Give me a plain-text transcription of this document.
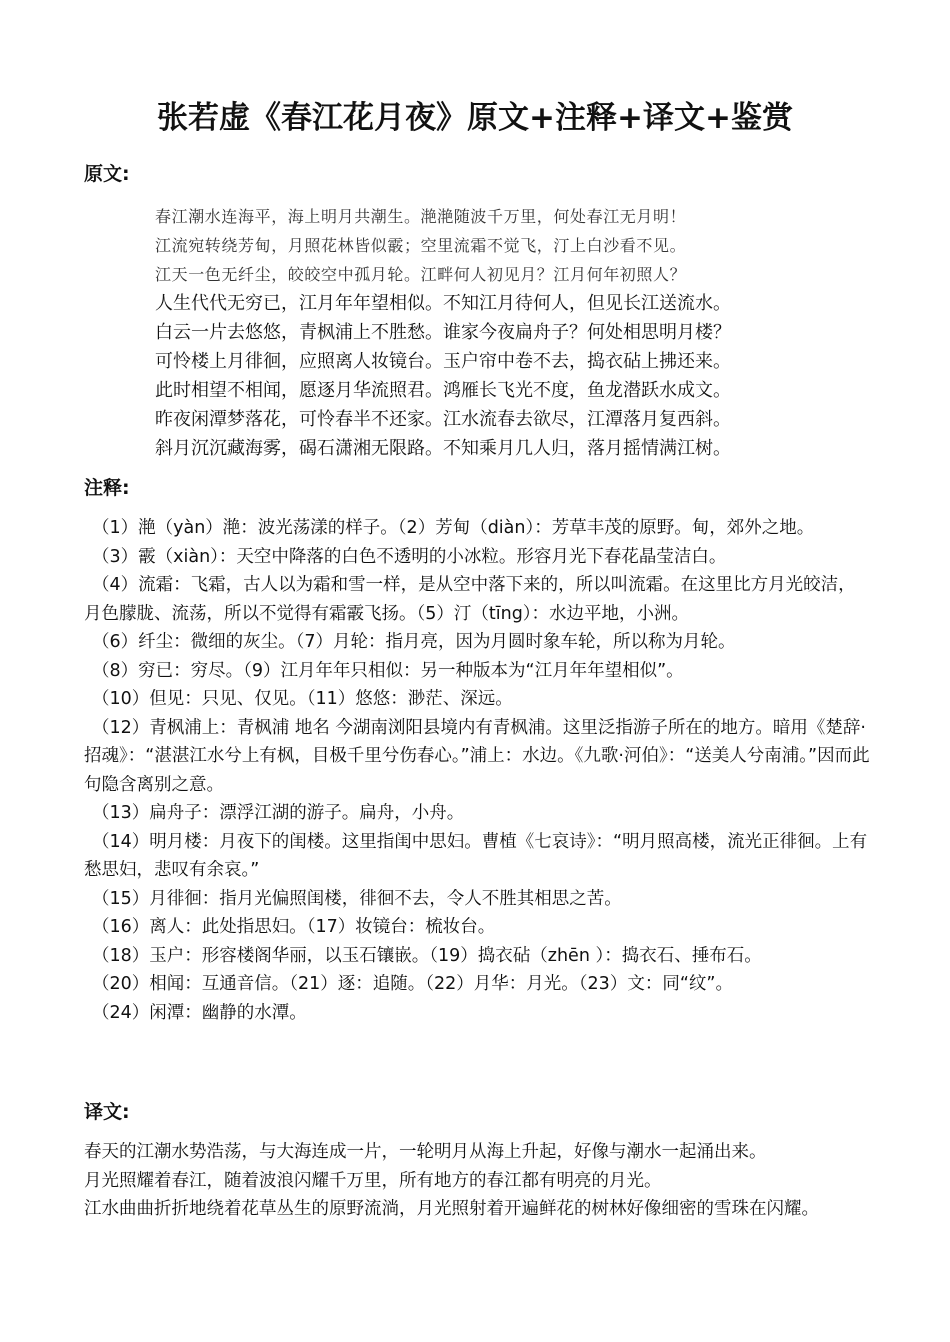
张若虚《春江花月夜》原文+注释+译文+鉴赏
原文:
春江潮水连海平，海上明月共潮生。滟滟随波千万里，何处春江无月明！
江流宛转绕芳甸，月照花林皆似霰；空里流霜不觉飞，汀上白沙看不见。
江天一色无纤尘，皎皎空中孤月轮。江畔何人初见月？江月何年初照人？
人生代代无穷已，江月年年望相似。不知江月待何人，但见长江送流水。
白云一片去悠悠，青枫浦上不胜愁。谁家今夜扁舟子？何处相思明月楼？
可怜楼上月徘徊，应照离人妆镜台。玉户帘中卷不去，捣衣砧上拂还来。
此时相望不相闻，愿逐月华流照君。鸿雁长飞光不度，鱼龙潜跃水成文。
昨夜闲潭梦落花，可怜春半不还家。江水流春去欲尽，江潭落月复西斜。
斜月沉沉藏海雾，碣石潇湘无限路。不知乘月几人归，落月摇情满江树。
注释:

（1）滟（yàn）滟：波光荡漾的样子。（2）芳甸（diàn）：芳草丰茂的原野。甸，郊外之地。

（3）霰（xiàn）：天空中降落的白色不透明的小冰粒。形容月光下春花晶莹洁白。

（4）流霜：飞霜，古人以为霜和雪一样，是从空中落下来的，所以叫流霜。在这里比方月光皎洁，月色朦胧、流荡，所以不觉得有霜霰飞扬。（5）汀（tīng）：水边平地，小洲。

（6）纤尘：微细的灰尘。（7）月轮：指月亮，因为月圆时象车轮，所以称为月轮。

（8）穷已：穷尽。（9）江月年年只相似：另一种版本为“江月年年望相似”。

（10）但见：只见、仅见。（11）悠悠：渺茫、深远。

（12）青枫浦上：青枫浦 地名 今湖南浏阳县境内有青枫浦。这里泛指游子所在的地方。暗用《楚辞·招魂》：“湛湛江水兮上有枫，目极千里兮伤春心。”浦上：水边。《九歌·河伯》：“送美人兮南浦。”因而此句隐含离别之意。

（13）扁舟子：漂浮江湖的游子。扁舟，小舟。

（14）明月楼：月夜下的闺楼。这里指闺中思妇。曹植《七哀诗》：“明月照高楼，流光正徘徊。上有愁思妇，悲叹有余哀。”

（15）月徘徊：指月光偏照闺楼，徘徊不去，令人不胜其相思之苦。

（16）离人：此处指思妇。（17）妆镜台：梳妆台。

（18）玉户：形容楼阁华丽，以玉石镶嵌。（19）捣衣砧（zhēn ）：捣衣石、捶布石。

（20）相闻：互通音信。（21）逐：追随。（22）月华：月光。（23）文：同“纹”。

（24）闲潭：幽静的水潭。

译文:

春天的江潮水势浩荡，与大海连成一片，一轮明月从海上升起，好像与潮水一起涌出来。

月光照耀着春江，随着波浪闪耀千万里，所有地方的春江都有明亮的月光。

江水曲曲折折地绕着花草丛生的原野流淌，月光照射着开遍鲜花的树林好像细密的雪珠在闪耀。
